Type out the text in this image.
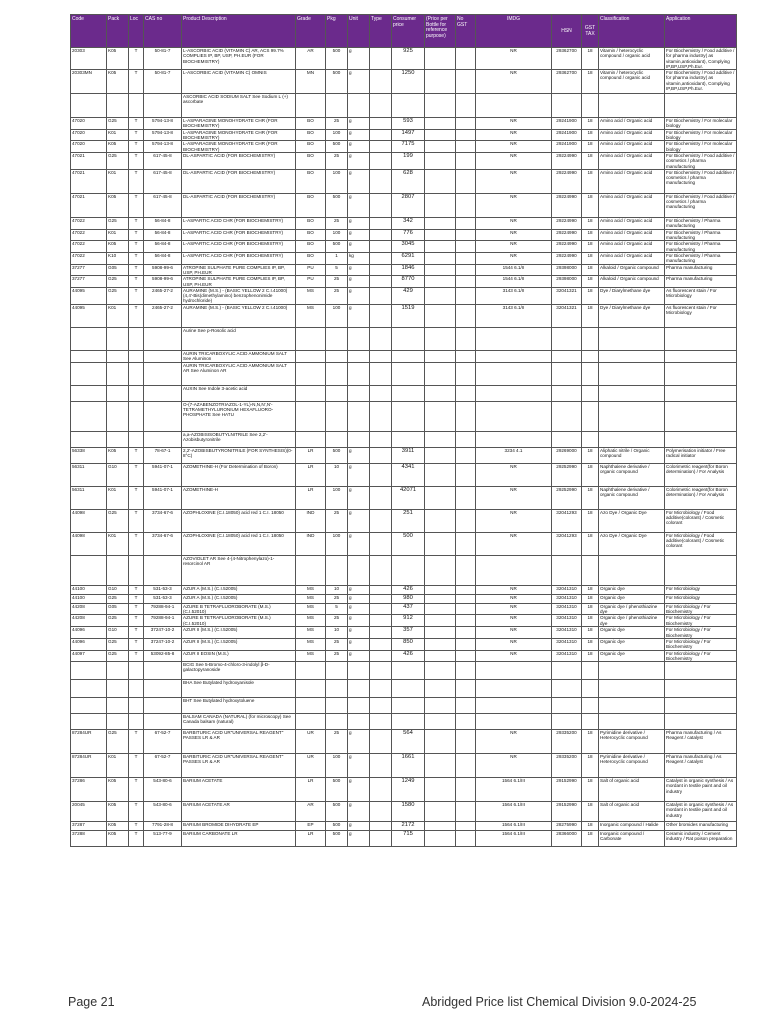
Code	Pack	Loc	CAS no	Product Description	Grade	Pkg	Unit	Type	Consumer price	(Price per Bottle for reference purpose)	No GST	IMDG	HSN	GST TAX	Classification	Application
20303	K05	T	50-81-7	L-ASCORBIC ACID (VITAMIN C) AR, ACS 99.7% COMPLIES IP, BP, USP, PH.EUR (FOR BIOCHEMISTRY)	AR	500	g		925			NR	29362700	18	Vitamin / heterocyclic compound / organic acid	For Biochemistry / Food additive / for pharma industry( as vitamin,antioxidant), Complying IP,BP,USP,Ph.Eur.
20303MN	K05	T	50-81-7	L-ASCORBIC ACID (VITAMIN C) OMNIS	MN	500	g		1250			NR	29362700	18	Vitamin / heterocyclic compound / organic acid	For Biochemistry / Food additive / for pharma industry( as vitamin,antioxidant), Complying IP,BP,USP,Ph.Eur.
				ASCORBIC ACID SODIUM SALT See Sodium L (+) ascorbate												
47020	G25	T	5794-13-8	L-ASPARAGINE MONOHYDRATE CHR (FOR BIOCHEMISTRY)	BO	25	g		593			NR	29241900	18	Amino acid / Organic acid	For Biochemistry / For molecular biology
47020	K01	T	5794-13-8	L-ASPARAGINE MONOHYDRATE CHR (FOR BIOCHEMISTRY)	BO	100	g		1497			NR	29241900	18	Amino acid / Organic acid	For Biochemistry / For molecular biology
47020	K05	T	5794-13-8	L-ASPARAGINE MONOHYDRATE CHR (FOR BIOCHEMISTRY)	BO	500	g		7175			NR	29241900	18	Amino acid / Organic acid	For Biochemistry / For molecular biology
47021	G25	T	617-45-8	DL-ASPARTIC ACID (FOR BIOCHEMISTRY)	BO	25	g		199			NR	29224990	18	Amino acid / Organic acid	For Biochemistry / Food additive / cosmetics / pharma manufacturing
47021	K01	T	617-45-8	DL-ASPARTIC ACID (FOR BIOCHEMISTRY)	BO	100	g		628			NR	29224990	18	Amino acid / Organic acid	For Biochemistry / Food additive / cosmetics / pharma manufacturing
47021	K05	T	617-45-8	DL-ASPARTIC ACID (FOR BIOCHEMISTRY)	BO	500	g		2807			NR	29224990	18	Amino acid / Organic acid	For Biochemistry / Food additive / cosmetics / pharma manufacturing
47022	G25	T	56-84-8	L-ASPARTIC ACID CHR (FOR BIOCHEMISTRY)	BO	25	g		342			NR	29224990	18	Amino acid / Organic acid	For Biochemistry / Pharma manufacturing
47022	K01	T	56-84-8	L-ASPARTIC ACID CHR (FOR BIOCHEMISTRY)	BO	100	g		776			NR	29224990	18	Amino acid / Organic acid	For Biochemistry / Pharma manufacturing
47022	K05	T	56-84-8	L-ASPARTIC ACID CHR (FOR BIOCHEMISTRY)	BO	500	g		3045			NR	29224990	18	Amino acid / Organic acid	For Biochemistry / Pharma manufacturing
47022	K10	T	56-84-8	L-ASPARTIC ACID CHR (FOR BIOCHEMISTRY)	BO	1	kg		6291			NR	29224990	18	Amino acid / Organic acid	For Biochemistry / Pharma manufacturing
37277	G05	T	5908-99-6	ATROPINE SULPHATE PURE COMPLIES IP, BP, USP, PH.EUR	PU	5	g		1846			1544 6.1/II	29398000	18	Alkaloid / Organic compound	Pharma manufacturing
37277	G25	T	5908-99-6	ATROPINE SULPHATE PURE COMPLIES IP, BP, USP, PH.EUR	PU	25	g		8770			1544 6.1/II	29398000	18	Alkaloid / Organic compound	Pharma manufacturing
44095	G25	T	2465-27-2	AURAMINE (M.S.) - (BASIC YELLOW 2 C.I.41000) (4,4'-Bis(dimethylamino) benzophenonimide hydrochloride)	MS	25	g		429			3143 6.1/II	32041321	18	Dye / Diarylmethane dye	As fluorescent stain / For Microbiology
44095	K01	T	2465-27-2	AURAMINE (M.S.) - (BASIC YELLOW 2 C.I.41000)	MS	100	g		1519			3143 6.1/II	32041321	18	Dye / Diarylmethane dye	As fluorescent stain / For Microbiology
				Aurine See p-Rosolic acid												
				AURIN TRICARBOXYLIC ACID AMMONIUM SALT See Aluminon												
				AURIN TRICARBOXYLIC ACID AMMONIUM SALT AR See Aluminon AR												
				AUXIN See Indole 3-acetic acid												
				O-(7-AZABENZOTRIAZOL-1-YL)-N,N,N',N'-TETRAMETHYLURONIUM HEXAFLUORO-PHOSPHATE See HATU												
				a,a-AZOBISISOBUTYLNITRILE See 2,2'-Azobisbutyronitrile												
56338	K05	T	78-67-1	2,2'-AZOBISBUTYRONITRILE (FOR SYNTHESIS)(0-8°C)	LR	500	g		3911			3234 4.1	29269000	18	Aliphatic nitrile / Organic compound	Polymerisation initiator / Free radical initiator
56311	G10	T	5941-07-1	AZOMETHINE-H (For Determination of Boron)	LR	10	g		4341			NR	29252990	18	Naphthalene derivative / organic compound	Colorimetric reagent(for Boron determination) / For Analysis
56311	K01	T	5941-07-1	AZOMETHINE-H	LR	100	g		42071			NR	29252990	18	Naphthalene derivative / organic compound	Colorimetric reagent(for Boron determination) / For Analysis
44098	G25	T	3734-67-6	AZOPHLOXINE (C.I.18050) acid red 1 C.I. 18050	IND	25	g		251			NR	32041293	18	Azo Dye / Organic Dye	For Microbiology / Food additive(colorant) / Cosmetic colorant
44098	K01	T	3734-67-6	AZOPHLOXINE (C.I.18050) acid red 1 C.I. 18050	IND	100	g		500			NR	32041293	18	Azo Dye / Organic Dye	For Microbiology / Food additive(colorant) / Cosmetic colorant
				AZOVIOLET AR See 4-(4-Nitrophenylazo)-1-resorcinol AR												
44100	G10	T	531-53-3	AZUR A (M.S.) (C.I.52005)	MS	10	g		426			NR	32041310	18	Organic dye	For Microbiology
44100	G25	T	531-53-3	AZUR A (M.S.) (C.I.52005)	MS	25	g		980			NR	32041310	18	Organic dye	For Microbiology
44208	G05	T	79288-94-1	AZURE B TETRAFLUOROBORATE (M.S.) (C.I.52010)	MS	5	g		437			NR	32041310	18	Organic dye / phenothiazine dye	For Microbiology / For Biochemistry
44208	G25	T	79288-94-1	AZURE B TETRAFLUOROBORATE (M.S.) (C.I.52010)	MS	25	g		912			NR	32041310	18	Organic dye / phenothiazine dye	For Microbiology / For Biochemistry
44096	G10	T	37247-10-2	AZUR II (M.S.) (C.I.52005)	MS	10	g		357			NR	32041310	18	Organic dye	For Microbiology / For Biochemistry
44096	G25	T	37247-10-2	AZUR II (M.S.) (C.I.52005)	MS	25	g		850			NR	32041310	18	Organic dye	For Microbiology / For Biochemistry
44097	G25	T	53092-85-8	AZUR II EOSIN (M.S.)	MS	25	g		426			NR	32041310	18	Organic dye	For Microbiology / For Biochemistry
				BCIG See 5-Bromo-4-chloro-3-indolyl β-D-galactopyranoside												
				BHA See Butylated hydroxyanisole												
				BHT See Butylated hydroxytoluene												
				BALSAM CANADA (NATURAL) (for microscopy) See Canada balsam (natural)												
87284UR	G25	T	67-52-7	BARBITURIC ACID UR"UNIVERSAL REAGENT" PASSES LR & AR	UR	25	g		564			NR	29335200	18	Pyrimidine derivative / Heterocyclic compound	Pharma manufacturing / As Reagent / catalyst
87284UR	K01	T	67-52-7	BARBITURIC ACID UR"UNIVERSAL REAGENT" PASSES LR & AR	UR	100	g		1661			NR	29335200	18	Pyrimidine derivative / Heterocyclic compound	Pharma manufacturing / As Reagent / catalyst
37286	K05	T	543-80-6	BARIUM ACETATE	LR	500	g		1249			1564 6.1/III	29152990	18	Salt of organic acid	Catalyst in organic synthesis / As mordant in textile paint and oil industry
20045	K05	T	543-80-6	BARIUM ACETATE AR	AR	500	g		1580			1564 6.1/III	29152990	18	Salt of organic acid	Catalyst in organic synthesis / As mordant in textile paint and oil industry
37287	K05	T	7791-28-8	BARIUM BROMIDE DIHYDRATE EP	EP	500	g		2172			1564 6.1/III	28275990	18	Inorganic compound / Halide	Other bromides manufacturing
37288	K05	T	513-77-9	BARIUM CARBONATE LR	LR	500	g		715			1564 6.1/III	28366000	18	Inorganic compound / Carbonate	Ceramic industry / Cement industry / Rat poison preparation
Page 21	Abridged Price list Chemical Division 9.0-2024-25
